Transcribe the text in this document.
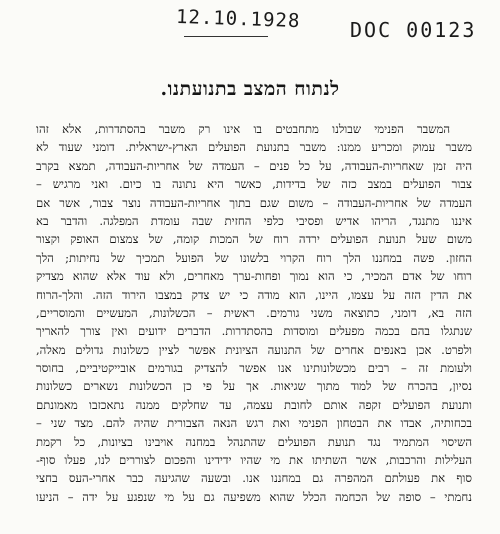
12.10.1928 DOC 00123
לנתוח המצב בתנועתנו.
המשבר הפנימי שבולנו מתחבטים בו אינו רק משבר בהסתדרות, אלא זהו
משבר עמוק ומכריע ממנו: משבר בתנועת הפועלים הארץ-ישראלית. דומני שעוד לא
היה זמן שאחריות-העבודה, על כל פנים – העמדה של אחריות-העבודה, תמצא בקרב
צבור הפועלים במצב כזה של בדידות, כאשר היא נתונה בו כיום. ואני מרגיש –
העמדה של אחריות-העבודה – משום שגם בתוך אחריות-העבודה נוצר צבור, אשר אם
איננו מתנגד, הריהו אדיש ופסיבי כלפי החזית שבה עומדת המפלגה. והדבר בא
משום שעל תנועת הפועלים ירדה רוח של המכות קומה, של צמצום האופק וקצור
החזון. פשה במחננו הלך רוח הקרוי בלשונו של הפועל תמכיך של נחיתות; הלך
רוחו של אדם המכיר, כי הוא נמוך ופחות-ערך מאחרים, ולא עוד אלא שהוא מצדיק
את הדין הזה על עצמו, היינו, הוא מודה כי יש צדק במצבו הירוד הזה. והלך-הרוח
הזה בא, דומני, כתוצאה משני גורמים. ראשית – הכשלונות, המעשיים והמוסריים,
שנתגלו בהם בכמה מפעלים ומוסדות בהסתדרות. הדברים ידועים ואין צורך להאריך
ולפרט. אכן באנפים אחרים של התנועה הציונית אפשר לציין כשלונות גדולים מאלה,
ולעומת זה – רבים מכשלונותינו אנו אפשר להצדיק בגורמים אובייקטיביים, בחוסר
נסיון, בהכרח של למוד מתוך שגיאות. אך על פי כן הכשלונות נשארים כשלונות
ותנועת הפועלים זקפה אותם לחובת עצמה, עד שחלקים ממנה נתאכזבו מאמונתם
בכחותיה, אבדו את הבטחון הפנימי ואת רגש הנאה הצבורית שהיה להם. מצד שני –
השיסוי המתמיד נגד תנועת הפועלים שהתנהל במחנה אויבינו בציונות, כל רקמת
העלילות והרכבות, אשר השתיתו את מי שהיו ידידינו והפכום לצוררים לנו, פעלו סוף-
סוף את פעולתם המהפרה גם במחננו אנו. ובשעה שהגיעה כבר אחרי-העס בחצי
נחמתי – סופה של הכחמה הכלל שהוא משפיעה גם על מי שנפגע על ידה – הניעו
